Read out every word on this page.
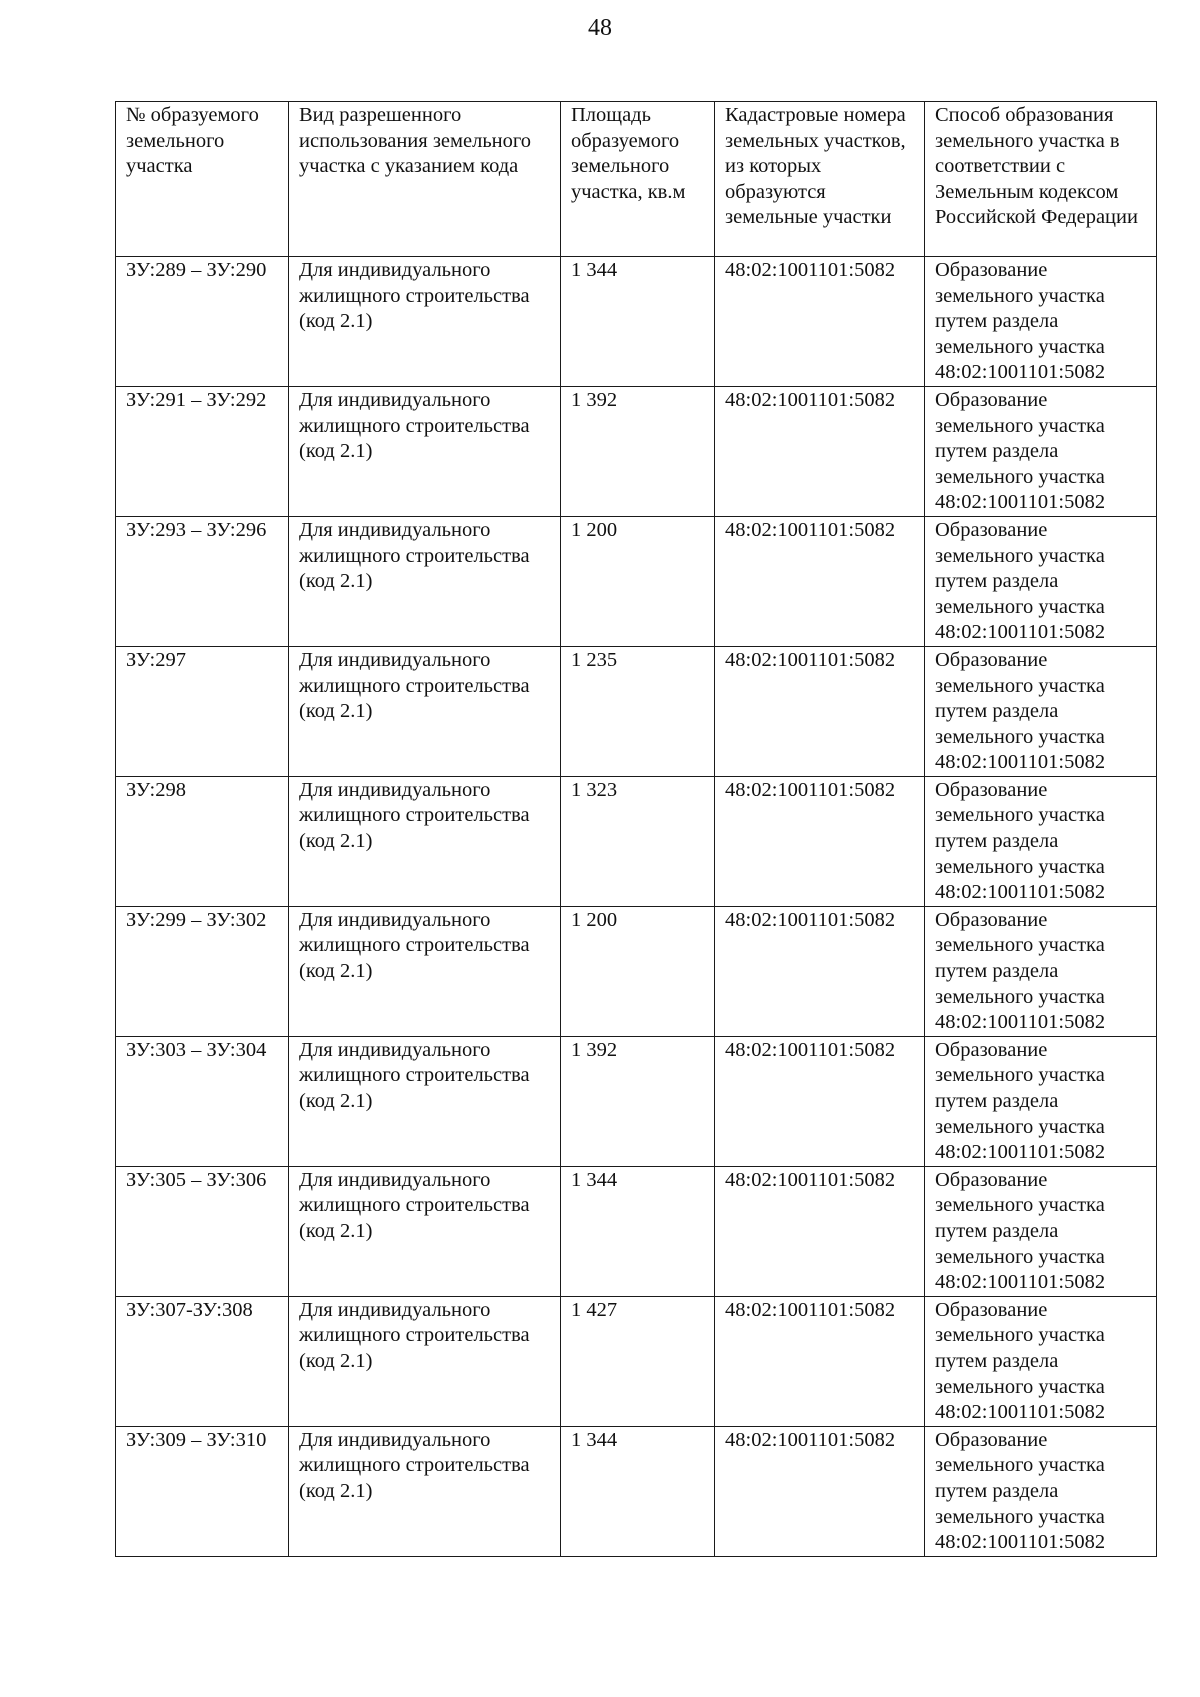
48
№ образуемого земельного участка	Вид разрешенного использования земельного участка с указанием кода	Площадь образуемого земельного участка, кв.м	Кадастровые номера земельных участков, из которых образуются земельные участки	Способ образования земельного участка в соответствии с Земельным кодексом Российской Федерации
ЗУ:289 – ЗУ:290	Для индивидуального жилищного строительства (код 2.1)	1 344	48:02:1001101:5082	Образование земельного участка путем раздела земельного участка 48:02:1001101:5082
ЗУ:291 – ЗУ:292	Для индивидуального жилищного строительства (код 2.1)	1 392	48:02:1001101:5082	Образование земельного участка путем раздела земельного участка 48:02:1001101:5082
ЗУ:293 – ЗУ:296	Для индивидуального жилищного строительства (код 2.1)	1 200	48:02:1001101:5082	Образование земельного участка путем раздела земельного участка 48:02:1001101:5082
ЗУ:297	Для индивидуального жилищного строительства (код 2.1)	1 235	48:02:1001101:5082	Образование земельного участка путем раздела земельного участка 48:02:1001101:5082
ЗУ:298	Для индивидуального жилищного строительства (код 2.1)	1 323	48:02:1001101:5082	Образование земельного участка путем раздела земельного участка 48:02:1001101:5082
ЗУ:299 – ЗУ:302	Для индивидуального жилищного строительства (код 2.1)	1 200	48:02:1001101:5082	Образование земельного участка путем раздела земельного участка 48:02:1001101:5082
ЗУ:303 – ЗУ:304	Для индивидуального жилищного строительства (код 2.1)	1 392	48:02:1001101:5082	Образование земельного участка путем раздела земельного участка 48:02:1001101:5082
ЗУ:305 – ЗУ:306	Для индивидуального жилищного строительства (код 2.1)	1 344	48:02:1001101:5082	Образование земельного участка путем раздела земельного участка 48:02:1001101:5082
ЗУ:307-ЗУ:308	Для индивидуального жилищного строительства (код 2.1)	1 427	48:02:1001101:5082	Образование земельного участка путем раздела земельного участка 48:02:1001101:5082
ЗУ:309 – ЗУ:310	Для индивидуального жилищного строительства (код 2.1)	1 344	48:02:1001101:5082	Образование земельного участка путем раздела земельного участка 48:02:1001101:5082
